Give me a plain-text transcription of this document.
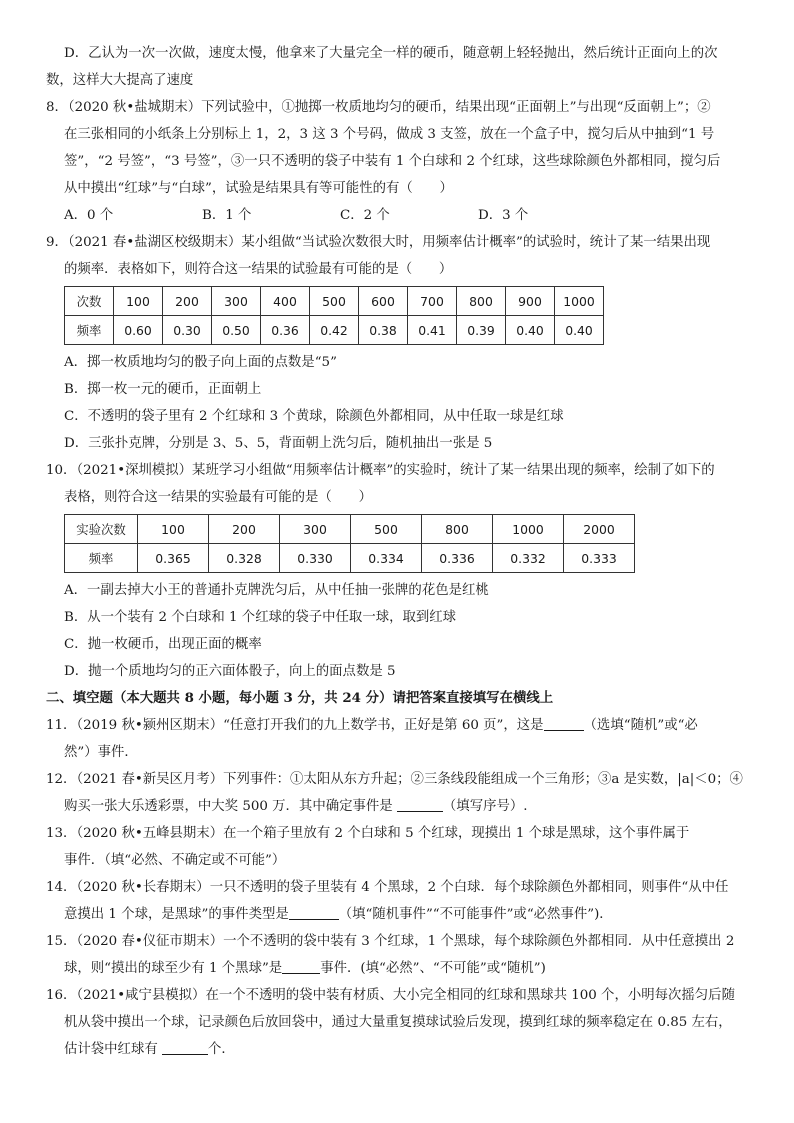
D．乙认为一次一次做，速度太慢，他拿来了大量完全一样的硬币，随意朝上轻轻抛出，然后统计正面向上的次
数，这样大大提高了速度
8．（2020 秋•盐城期末）下列试验中，①抛掷一枚质地均匀的硬币，结果出现“正面朝上”与出现“反面朝上”；②
在三张相同的小纸条上分别标上 1，2，3 这 3 个号码，做成 3 支签，放在一个盒子中，搅匀后从中抽到“1 号
签”，“2 号签”，“3 号签”，③一只不透明的袋子中装有 1 个白球和 2 个红球，这些球除颜色外都相同，搅匀后
从中摸出“红球”与“白球”，试验是结果具有等可能性的有（　　）
A．0 个	B．1 个	C．2 个	D．3 个
9．（2021 春•盐湖区校级期末）某小组做“当试验次数很大时，用频率估计概率”的试验时，统计了某一结果出现
的频率．表格如下，则符合这一结果的试验最有可能的是（　　）
次数	100	200	300	400	500	600	700	800	900	1000
频率	0.60	0.30	0.50	0.36	0.42	0.38	0.41	0.39	0.40	0.40
A．掷一枚质地均匀的骰子向上面的点数是“5”
B．掷一枚一元的硬币，正面朝上
C．不透明的袋子里有 2 个红球和 3 个黄球，除颜色外都相同，从中任取一球是红球
D．三张扑克牌，分别是 3、5、5，背面朝上洗匀后，随机抽出一张是 5
10．（2021•深圳模拟）某班学习小组做“用频率估计概率”的实验时，统计了某一结果出现的频率，绘制了如下的
表格，则符合这一结果的实验最有可能的是（　　）
实验次数	100	200	300	500	800	1000	2000
频率	0.365	0.328	0.330	0.334	0.336	0.332	0.333
A．一副去掉大小王的普通扑克牌洗匀后，从中任抽一张牌的花色是红桃
B．从一个装有 2 个白球和 1 个红球的袋子中任取一球，取到红球
C．抛一枚硬币，出现正面的概率
D．抛一个质地均匀的正六面体骰子，向上的面点数是 5
二、填空题（本大题共 8 小题，每小题 3 分，共 24 分）请把答案直接填写在横线上
11．（2019 秋•颍州区期末）“任意打开我们的九上数学书，正好是第 60 页”，这是	（选填“随机”或“必
然”）事件．
12．（2021 春•新吴区月考）下列事件：①太阳从东方升起；②三条线段能组成一个三角形；③a 是实数，|a|＜0；④
购买一张大乐透彩票，中大奖 500 万．其中确定事件是	（填写序号）.
13．（2020 秋•五峰县期末）在一个箱子里放有 2 个白球和 5 个红球，现摸出 1 个球是黑球，这个事件属于
事件．（填“必然、不确定或不可能”）
14．（2020 秋•长春期末）一只不透明的袋子里装有 4 个黑球，2 个白球．每个球除颜色外都相同，则事件“从中任
意摸出 1 个球，是黑球”的事件类型是	（填“随机事件”“不可能事件”或“必然事件”)．
15．（2020 春•仪征市期末）一个不透明的袋中装有 3 个红球，1 个黑球，每个球除颜色外都相同．从中任意摸出 2
球，则“摸出的球至少有 1 个黑球”是	事件．(填“必然”、“不可能”或“随机”)
16．（2021•咸宁县模拟）在一个不透明的袋中装有材质、大小完全相同的红球和黑球共 100 个，小明每次摇匀后随
机从袋中摸出一个球，记录颜色后放回袋中，通过大量重复摸球试验后发现，摸到红球的频率稳定在 0.85 左右，
估计袋中红球有	个．
